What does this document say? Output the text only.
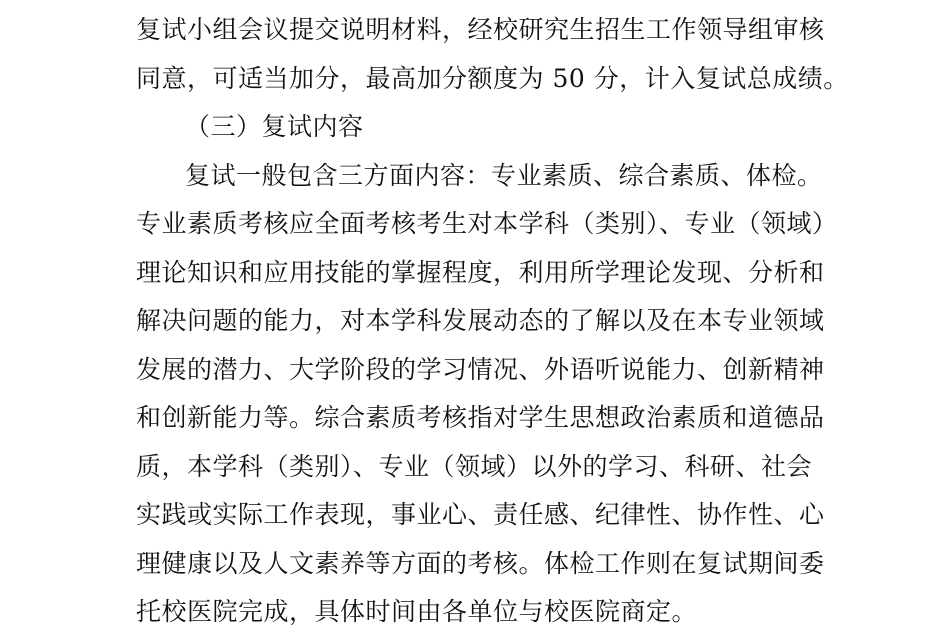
复试小组会议提交说明材料，经校研究生招生工作领导组审核
同意，可适当加分，最高加分额度为 50 分，计入复试总成绩。
（三）复试内容
复试一般包含三方面内容：专业素质、综合素质、体检。
专业素质考核应全面考核考生对本学科（类别）、专业（领域）
理论知识和应用技能的掌握程度，利用所学理论发现、分析和
解决问题的能力，对本学科发展动态的了解以及在本专业领域
发展的潜力、大学阶段的学习情况、外语听说能力、创新精神
和创新能力等。综合素质考核指对学生思想政治素质和道德品
质，本学科（类别）、专业（领域）以外的学习、科研、社会
实践或实际工作表现，事业心、责任感、纪律性、协作性、心
理健康以及人文素养等方面的考核。体检工作则在复试期间委
托校医院完成，具体时间由各单位与校医院商定。
